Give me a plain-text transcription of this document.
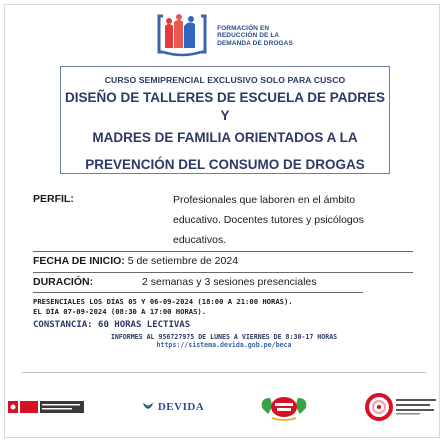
FORMACIÓN EN
REDUCCIÓN DE LA
DEMANDA DE DROGAS
CURSO SEMIPRENCIAL EXCLUSIVO SOLO PARA CUSCO
DISEÑO DE TALLERES DE ESCUELA DE PADRES Y
MADRES DE FAMILIA ORIENTADOS A LA
PREVENCIÓN DEL CONSUMO DE DROGAS
PERFIL:	Profesionales que laboren en el ámbito
educativo. Docentes tutores y psicólogos
educativos.
FECHA DE INICIO: 5 de setiembre de 2024
DURACIÓN:	2 semanas y 3 sesiones presenciales
PRESENCIALES LOS DÍAS 05 Y 06-09-2024 (18:00 A 21:00 HORAS).
EL DÍA 07-09-2024 (08:30 A 17:00 HORAS).
CONSTANCIA: 60 HORAS LECTIVAS
INFORMES AL 956727975 DE LUNES A VIERNES DE 8:30-17 HORAS
https://sistema.devida.gob.pe/beca
DEVIDA
